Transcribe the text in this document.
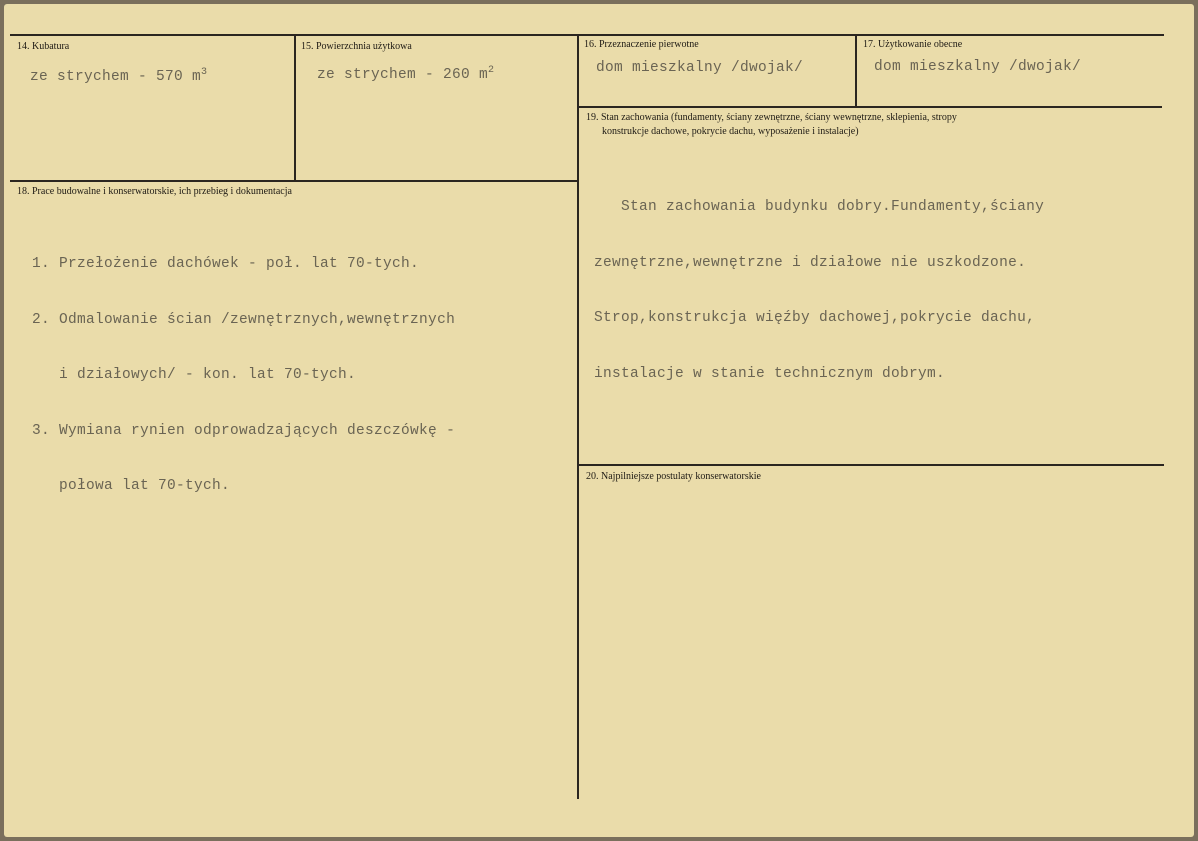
14. Kubatura
ze strychem - 570 $m^3$
15. Powierzchnia użytkowa
ze strychem - 260 $m^2$
16. Przeznaczenie pierwotne
dom mieszkalny /dwojak/
17. Użytkowanie obecne
dom mieszkalny /dwojak/
18. Prace budowalne i konserwatorskie, ich przebieg i dokumentacja

1. Przełożenie dachówek - poł. lat 70-tych.

2. Odmalowanie ścian /zewnętrznych,wewnętrznych

i działowych/ - kon. lat 70-tych.

3. Wymiana rynien odprowadzających deszczówkę -

połowa lat 70-tych.

19. Stan zachowania (fundamenty, ściany zewnętrzne, ściany wewnętrzne, sklepienia, stropy
konstrukcje dachowe, pokrycie dachu, wyposażenie i instalacje)

Stan zachowania budynku dobry.Fundamenty,ściany

zewnętrzne,wewnętrzne i działowe nie uszkodzone.

Strop,konstrukcja więźby dachowej,pokrycie dachu,

instalacje w stanie technicznym dobrym.

20. Najpilniejsze postulaty konserwatorskie
